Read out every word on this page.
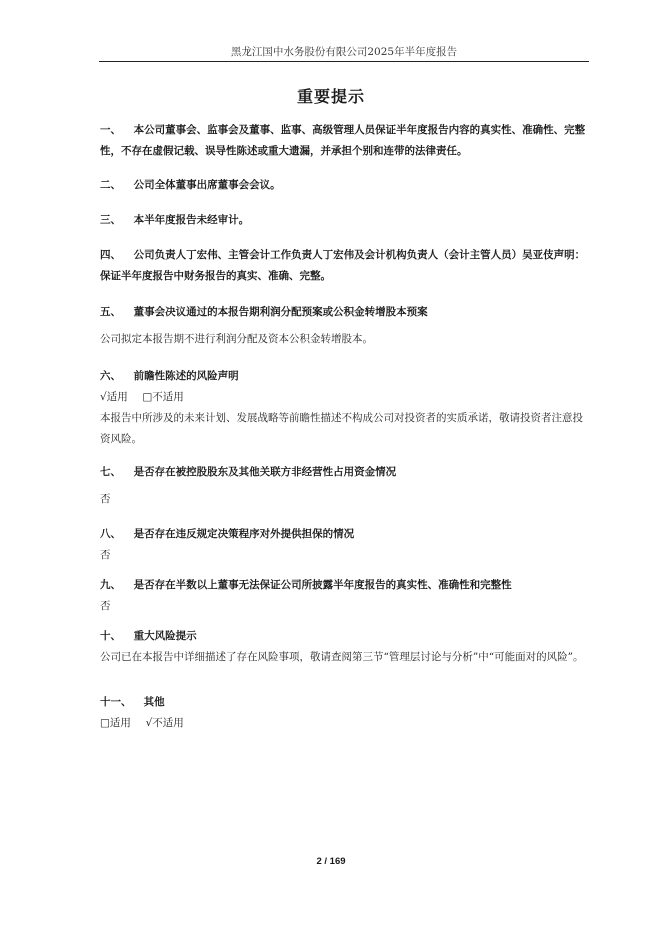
黑龙江国中水务股份有限公司2025年半年度报告
重要提示
一、 本公司董事会、监事会及董事、监事、高级管理人员保证半年度报告内容的真实性、准确性、完整性，不存在虚假记载、误导性陈述或重大遗漏，并承担个别和连带的法律责任。
二、 公司全体董事出席董事会会议。
三、 本半年度报告未经审计。
四、 公司负责人丁宏伟、主管会计工作负责人丁宏伟及会计机构负责人（会计主管人员）吴亚伎声明：保证半年度报告中财务报告的真实、准确、完整。
五、 董事会决议通过的本报告期利润分配预案或公积金转增股本预案
公司拟定本报告期不进行利润分配及资本公积金转增股本。
六、 前瞻性陈述的风险声明
√适用 □不适用
本报告中所涉及的未来计划、发展战略等前瞻性描述不构成公司对投资者的实质承诺，敬请投资者注意投资风险。
七、 是否存在被控股股东及其他关联方非经营性占用资金情况
否
八、 是否存在违反规定决策程序对外提供担保的情况
否
九、 是否存在半数以上董事无法保证公司所披露半年度报告的真实性、准确性和完整性
否
十、 重大风险提示
公司已在本报告中详细描述了存在风险事项，敬请查阅第三节“管理层讨论与分析”中“可能面对的风险”。
十一、 其他
□适用 √不适用
2 / 169
